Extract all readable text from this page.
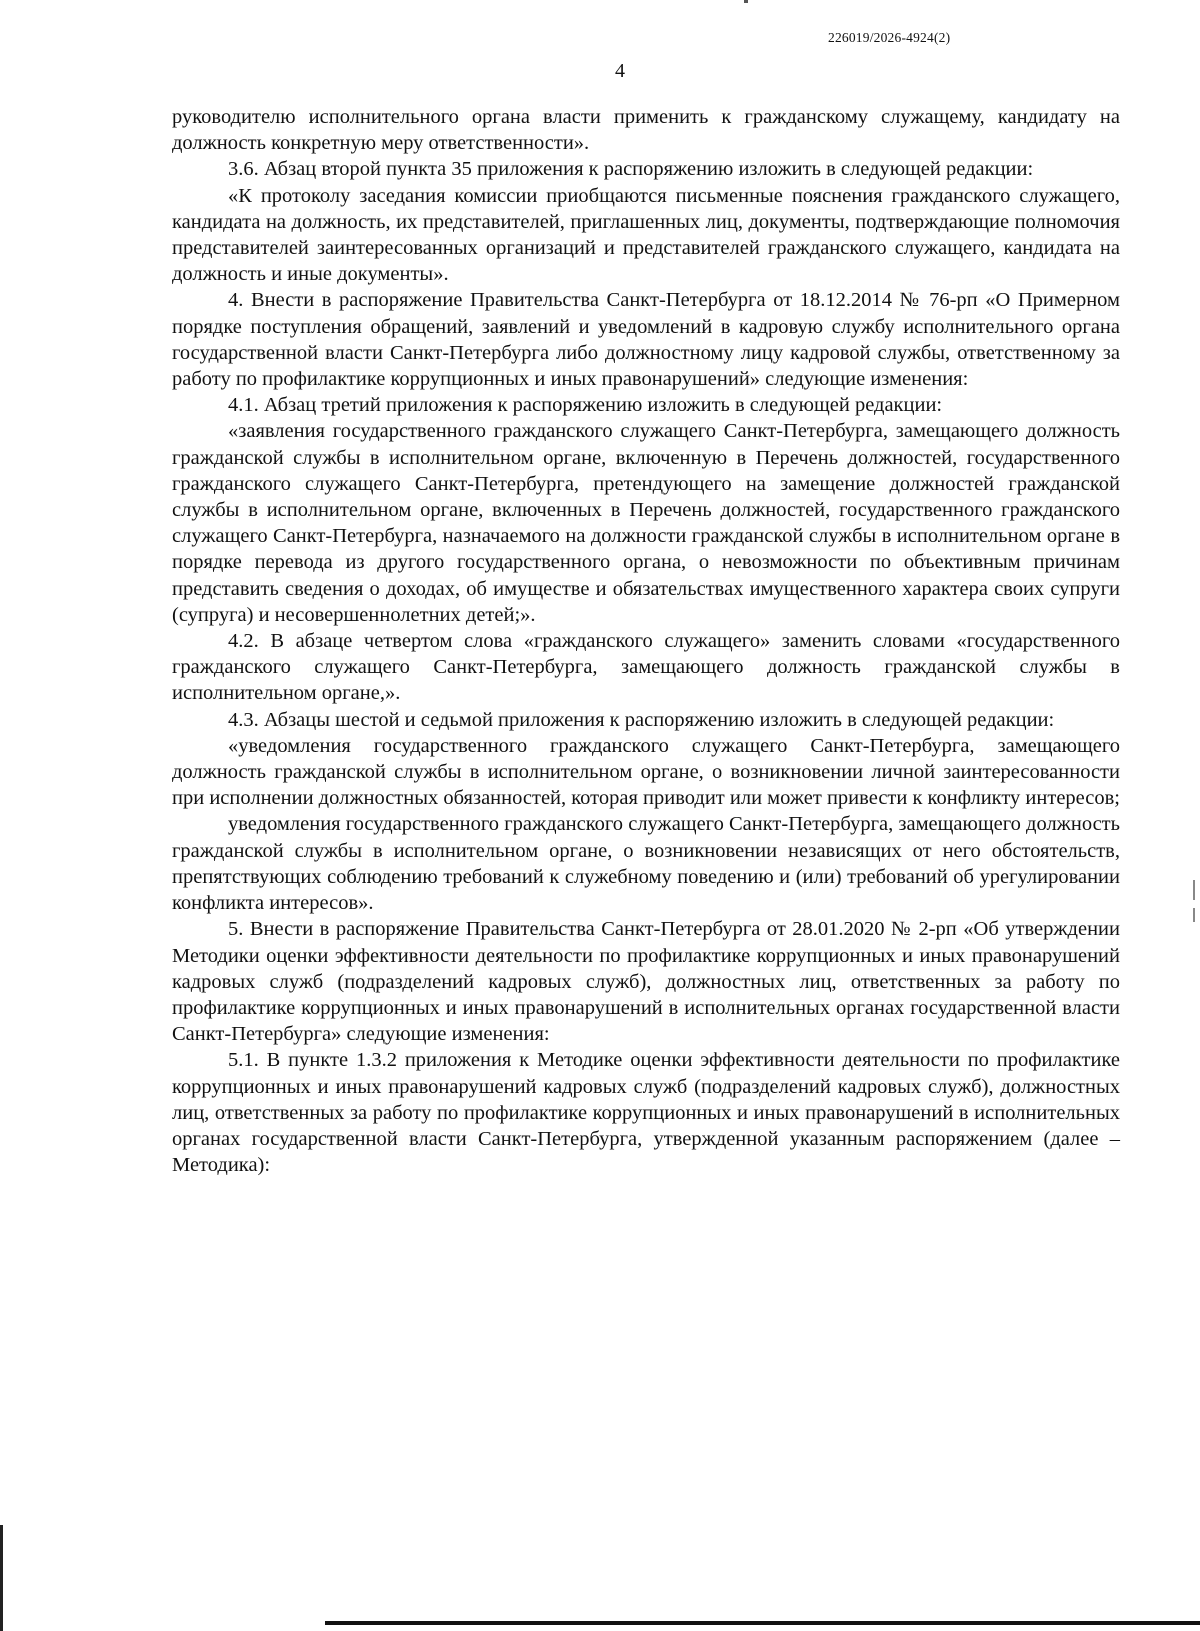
226019/2026-4924(2)
4

руководителю исполнительного органа власти применить к гражданскому служащему, кандидату на должность конкретную меру ответственности».

3.6. Абзац второй пункта 35 приложения к распоряжению изложить в следующей редакции:

«К протоколу заседания комиссии приобщаются письменные пояснения гражданского служащего, кандидата на должность, их представителей, приглашенных лиц, документы, подтверждающие полномочия представителей заинтересованных организаций и представителей гражданского служащего, кандидата на должность и иные документы».

4. Внести в распоряжение Правительства Санкт-Петербурга от 18.12.2014 № 76-рп «О Примерном порядке поступления обращений, заявлений и уведомлений в кадровую службу исполнительного органа государственной власти Санкт-Петербурга либо должностному лицу кадровой службы, ответственному за работу по профилактике коррупционных и иных правонарушений» следующие изменения:

4.1. Абзац третий приложения к распоряжению изложить в следующей редакции:

«заявления государственного гражданского служащего Санкт-Петербурга, замещающего должность гражданской службы в исполнительном органе, включенную в Перечень должностей, государственного гражданского служащего Санкт-Петербурга, претендующего на замещение должностей гражданской службы в исполнительном органе, включенных в Перечень должностей, государственного гражданского служащего Санкт-Петербурга, назначаемого на должности гражданской службы в исполнительном органе в порядке перевода из другого государственного органа, о невозможности по объективным причинам представить сведения о доходах, об имуществе и обязательствах имущественного характера своих супруги (супруга) и несовершеннолетних детей;».

4.2. В абзаце четвертом слова «гражданского служащего» заменить словами «государственного гражданского служащего Санкт-Петербурга, замещающего должность гражданской службы в исполнительном органе,».

4.3. Абзацы шестой и седьмой приложения к распоряжению изложить в следующей редакции:

«уведомления государственного гражданского служащего Санкт-Петербурга, замещающего должность гражданской службы в исполнительном органе, о возникновении личной заинтересованности при исполнении должностных обязанностей, которая приводит или может привести к конфликту интересов;

уведомления государственного гражданского служащего Санкт-Петербурга, замещающего должность гражданской службы в исполнительном органе, о возникновении независящих от него обстоятельств, препятствующих соблюдению требований к служебному поведению и (или) требований об урегулировании конфликта интересов».

5. Внести в распоряжение Правительства Санкт-Петербурга от 28.01.2020 № 2-рп «Об утверждении Методики оценки эффективности деятельности по профилактике коррупционных и иных правонарушений кадровых служб (подразделений кадровых служб), должностных лиц, ответственных за работу по профилактике коррупционных и иных правонарушений в исполнительных органах государственной власти Санкт-Петербурга» следующие изменения:

5.1. В пункте 1.3.2 приложения к Методике оценки эффективности деятельности по профилактике коррупционных и иных правонарушений кадровых служб (подразделений кадровых служб), должностных лиц, ответственных за работу по профилактике коррупционных и иных правонарушений в исполнительных органах государственной власти Санкт-Петербурга, утвержденной указанным распоряжением (далее – Методика):
